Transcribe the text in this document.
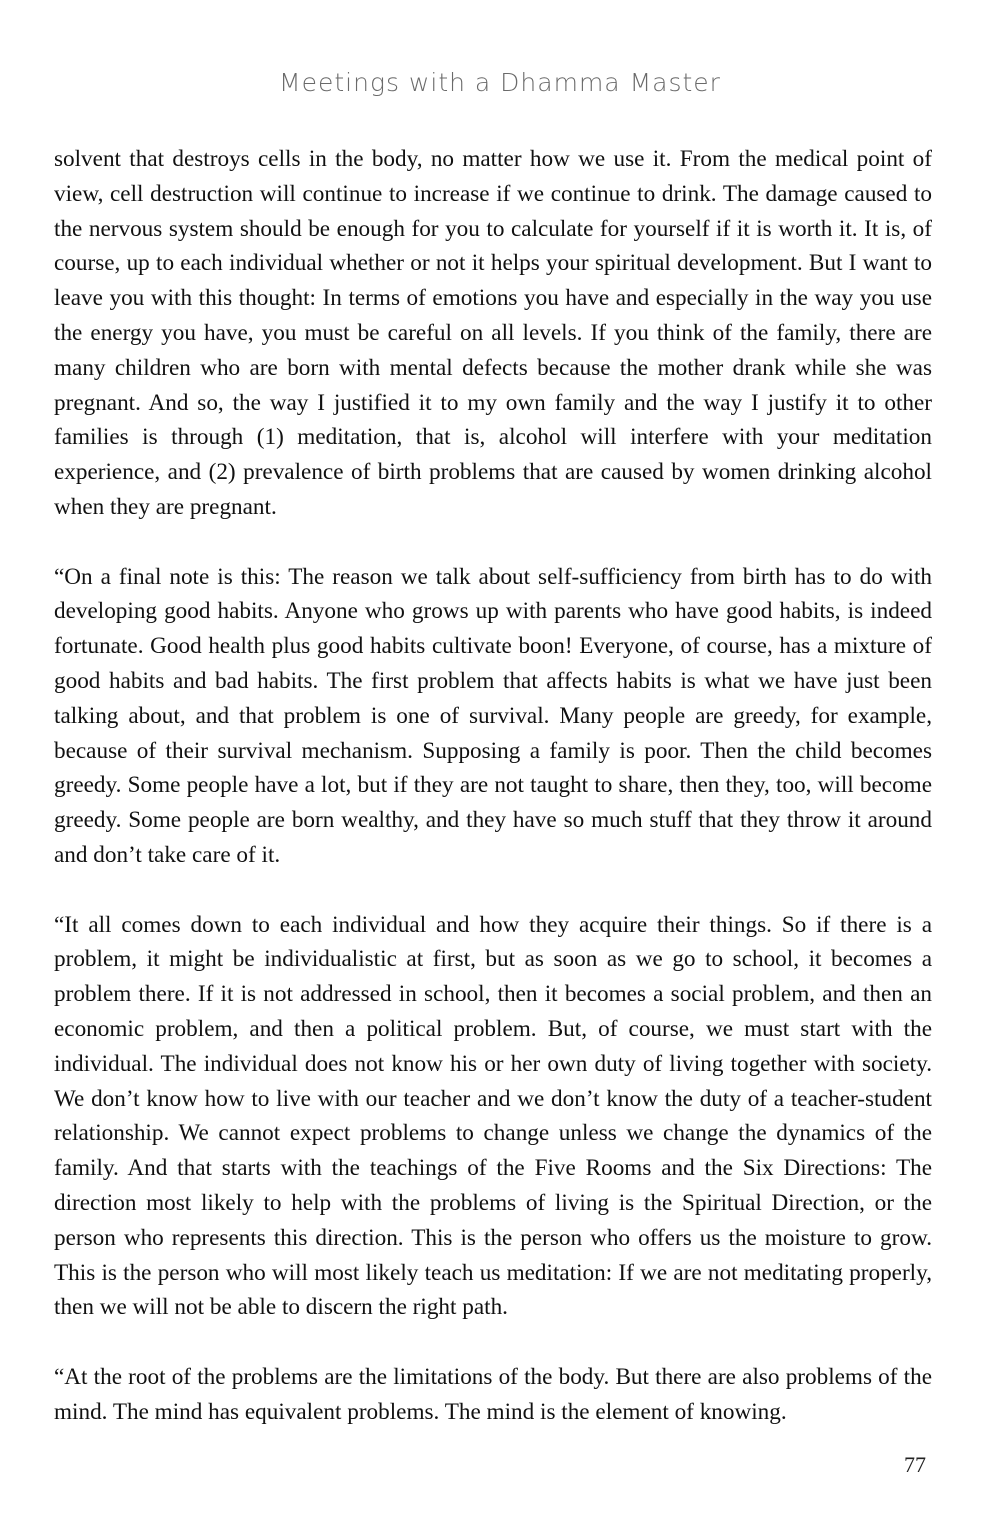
Meetings with a Dhamma Master

solvent that destroys cells in the body, no matter how we use it. From the medical point of view, cell destruction will continue to increase if we continue to drink. The damage caused to the nervous system should be enough for you to calculate for yourself if it is worth it. It is, of course, up to each individual whether or not it helps your spiritual development. But I want to leave you with this thought: In terms of emotions you have and especially in the way you use the energy you have, you must be careful on all levels. If you think of the family, there are many children who are born with mental defects because the mother drank while she was pregnant. And so, the way I justified it to my own family and the way I justify it to other families is through (1) meditation, that is, alcohol will interfere with your meditation experience, and (2) prevalence of birth problems that are caused by women drinking alcohol when they are pregnant.

“On a final note is this: The reason we talk about self-sufficiency from birth has to do with developing good habits. Anyone who grows up with parents who have good habits, is indeed fortunate. Good health plus good habits cultivate boon! Everyone, of course, has a mixture of good habits and bad habits. The first problem that affects habits is what we have just been talking about, and that problem is one of survival. Many people are greedy, for example, because of their survival mechanism. Supposing a family is poor. Then the child becomes greedy. Some people have a lot, but if they are not taught to share, then they, too, will become greedy. Some people are born wealthy, and they have so much stuff that they throw it around and don’t take care of it.

“It all comes down to each individual and how they acquire their things. So if there is a problem, it might be individualistic at first, but as soon as we go to school, it becomes a problem there. If it is not addressed in school, then it becomes a social problem, and then an economic problem, and then a political problem. But, of course, we must start with the individual. The individual does not know his or her own duty of living together with society. We don’t know how to live with our teacher and we don’t know the duty of a teacher-student relationship. We cannot expect problems to change unless we change the dynamics of the family. And that starts with the teachings of the Five Rooms and the Six Directions: The direction most likely to help with the problems of living is the Spiritual Direction, or the person who represents this direction. This is the person who offers us the moisture to grow. This is the person who will most likely teach us meditation: If we are not meditating properly, then we will not be able to discern the right path.

“At the root of the problems are the limitations of the body. But there are also problems of the mind. The mind has equivalent problems. The mind is the element of knowing.

77
